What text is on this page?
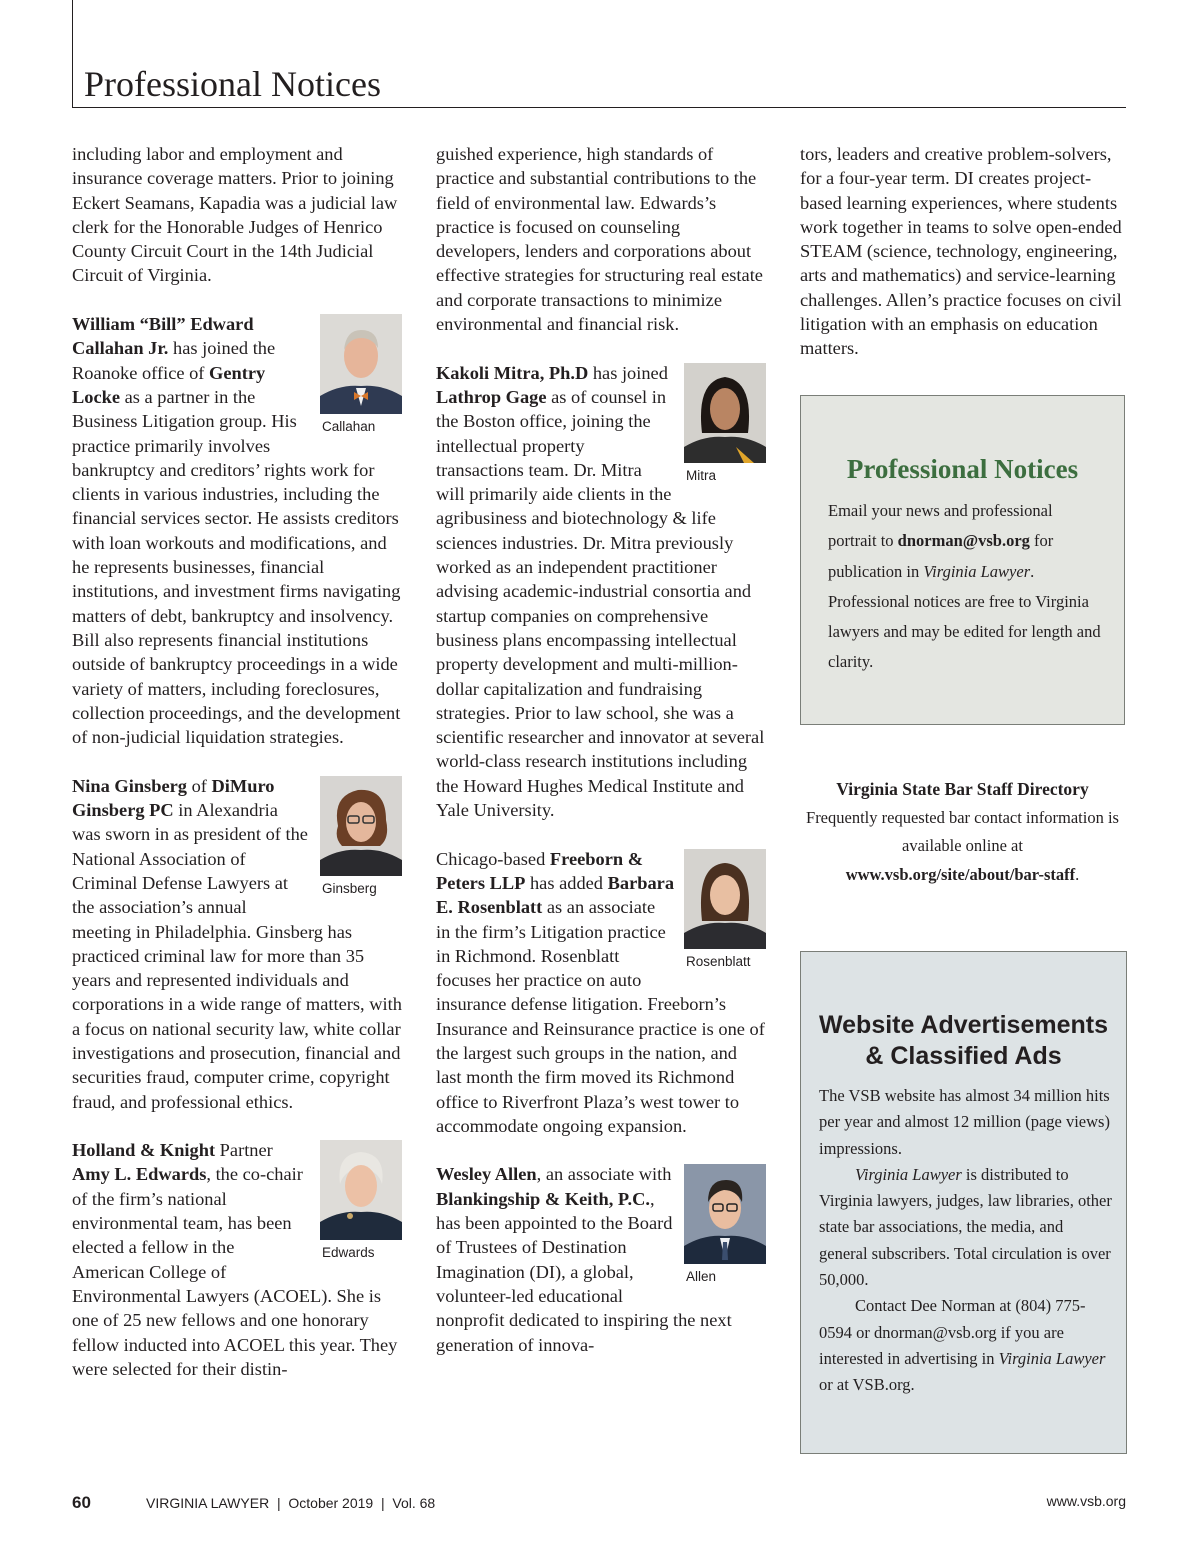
Professional Notices

including labor and employment and insurance coverage matters. Prior to joining Eckert Seamans, Kapadia was a judicial law clerk for the Honorable Judges of Henrico County Circuit Court in the 14th Judicial Circuit of Virginia.

Callahan
William “Bill” Edward Callahan Jr. has joined the Roanoke office of Gentry Locke as a partner in the Business Litigation group. His practice primarily involves bankruptcy and creditors’ rights work for clients in various industries, including the financial services sector. He assists creditors with loan workouts and modifications, and he represents businesses, financial institutions, and investment firms navigating matters of debt, bankruptcy and insolvency. Bill also represents financial institutions outside of bankruptcy proceedings in a wide variety of matters, including foreclosures, collection proceedings, and the development of non-judicial liquidation strategies.

Ginsberg
Nina Ginsberg of DiMuro Ginsberg PC in Alexandria was sworn in as president of the National Association of Criminal Defense Lawyers at the association’s annual meeting in Philadelphia. Ginsberg has practiced criminal law for more than 35 years and represented individuals and corporations in a wide range of matters, with a focus on national security law, white collar investigations and prosecution, financial and securities fraud, computer crime, copyright fraud, and professional ethics.

Edwards
Holland & Knight Partner Amy L. Edwards, the co-chair of the firm’s national environmental team, has been elected a fellow in the American College of Environmental Lawyers (ACOEL). She is one of 25 new fellows and one honorary fellow inducted into ACOEL this year. They were selected for their distin-

guished experience, high standards of practice and substantial contributions to the field of environmental law. Edwards’s practice is focused on counseling developers, lenders and corporations about effective strategies for structuring real estate and corporate transactions to minimize environmental and financial risk.

Mitra
Kakoli Mitra, Ph.D has joined Lathrop Gage as of counsel in the Boston office, joining the intellectual property transactions team. Dr. Mitra will primarily aide clients in the agribusiness and biotechnology & life sciences industries. Dr. Mitra previously worked as an independent practitioner advising academic-industrial consortia and startup companies on comprehensive business plans encompassing intellectual property development and multi-million-dollar capitalization and fundraising strategies. Prior to law school, she was a scientific researcher and innovator at several world-class research institutions including the Howard Hughes Medical Institute and Yale University.

Rosenblatt
Chicago-based Freeborn & Peters LLP has added Barbara E. Rosenblatt as an associate in the firm’s Litigation practice in Richmond. Rosenblatt focuses her practice on auto insurance defense litigation. Freeborn’s Insurance and Reinsurance practice is one of the largest such groups in the nation, and last month the firm moved its Richmond office to Riverfront Plaza’s west tower to accommodate ongoing expansion.

Allen
Wesley Allen, an associate with Blankingship & Keith, P.C., has been appointed to the Board of Trustees of Destination Imagination (DI), a global, volunteer-led educational nonprofit dedicated to inspiring the next generation of innova-

tors, leaders and creative problem-solvers, for a four-year term. DI creates project-based learning experiences, where students work together in teams to solve open-ended STEAM (science, technology, engineering, arts and mathematics) and service-learning challenges. Allen’s practice focuses on civil litigation with an emphasis on education matters.

Professional Notices
Email your news and professional portrait to dnorman@vsb.org for publication in Virginia Lawyer. Professional notices are free to Virginia lawyers and may be edited for length and clarity.
Virginia State Bar Staff Directory
Frequently requested bar contact information is available online at
www.vsb.org/site/about/bar-staff.
Website Advertisements
& Classified Ads

The VSB website has almost 34 million hits per year and almost 12 million (page views) impressions.

Virginia Lawyer is distributed to Virginia lawyers, judges, law libraries, other state bar associations, the media, and general subscribers. Total circulation is over 50,000.

Contact Dee Norman at (804) 775-0594 or dnorman@vsb.org if you are interested in advertising in Virginia Lawyer or at VSB.org.

60	VIRGINIA LAWYER  |  October 2019  |  Vol. 68	www.vsb.org
